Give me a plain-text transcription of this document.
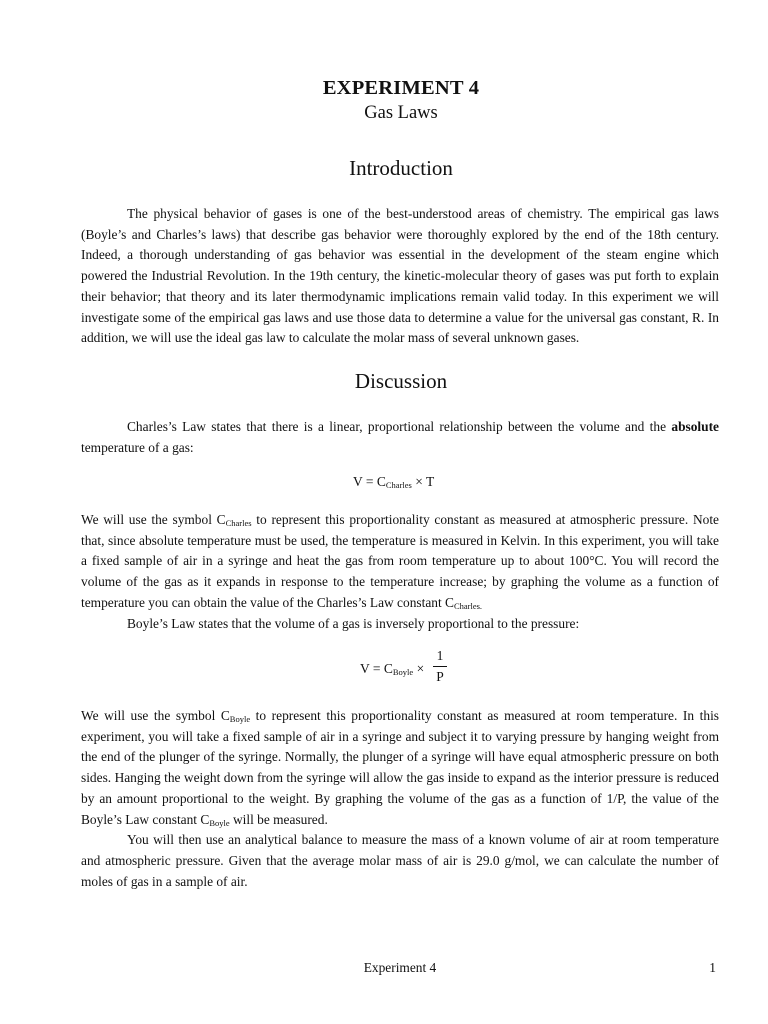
EXPERIMENT 4
Gas Laws
Introduction

The physical behavior of gases is one of the best-understood areas of chemistry. The empirical gas laws (Boyle’s and Charles’s laws) that describe gas behavior were thoroughly explored by the end of the 18th century. Indeed, a thorough understanding of gas behavior was essential in the development of the steam engine which powered the Industrial Revolution. In the 19th century, the kinetic-molecular theory of gases was put forth to explain their behavior; that theory and its later thermodynamic implications remain valid today. In this experiment we will investigate some of the empirical gas laws and use those data to determine a value for the universal gas constant, R. In addition, we will use the ideal gas law to calculate the molar mass of several unknown gases.

Discussion

Charles’s Law states that there is a linear, proportional relationship between the volume and the absolute temperature of a gas:

$V = C_{Charles} \times T$

We will use the symbol $C_{Charles}$ to represent this proportionality constant as measured at atmospheric pressure. Note that, since absolute temperature must be used, the temperature is measured in Kelvin. In this experiment, you will take a fixed sample of air in a syringe and heat the gas from room temperature up to about 100°C. You will record the volume of the gas as it expands in response to the temperature increase; by graphing the volume as a function of temperature you can obtain the value of the Charles’s Law constant $C_{Charles.}$
Boyle’s Law states that the volume of a gas is inversely proportional to the pressure:

$V = C_{Boyle}$ ×
1
P

We will use the symbol $C_{Boyle}$ to represent this proportionality constant as measured at room temperature. In this experiment, you will take a fixed sample of air in a syringe and subject it to varying pressure by hanging weight from the end of the plunger of the syringe. Normally, the plunger of a syringe will have equal atmospheric pressure on both sides. Hanging the weight down from the syringe will allow the gas inside to expand as the interior pressure is reduced by an amount proportional to the weight. By graphing the volume of the gas as a function of 1/P, the value of the Boyle’s Law constant $C_{Boyle}$ will be measured.
You will then use an analytical balance to measure the mass of a known volume of air at room temperature and atmospheric pressure. Given that the average molar mass of air is 29.0 g/mol, we can calculate the number of moles of gas in a sample of air.

Experiment 4	1
